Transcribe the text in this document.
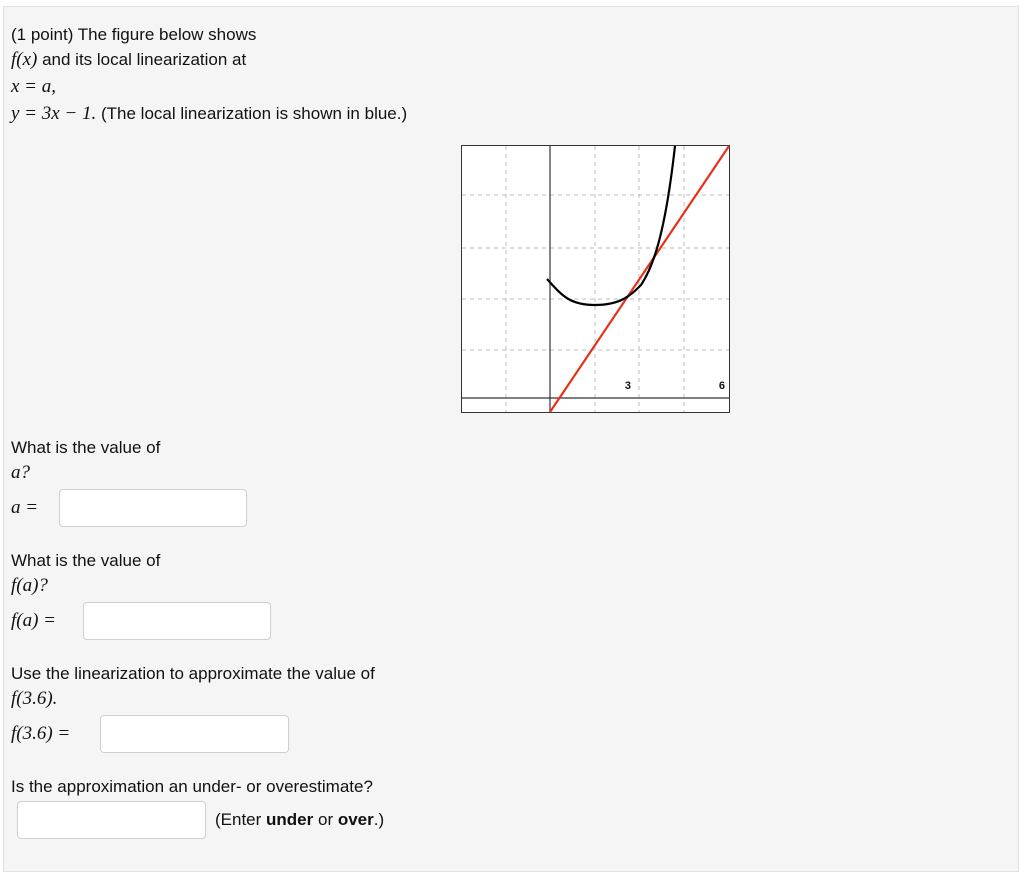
(1 point) The figure below shows
f(x) and its local linearization at
x = a,
y = 3x − 1. (The local linearization is shown in blue.)
3	6
What is the value of
a?
a =
What is the value of
f(a)?
f(a) =
Use the linearization to approximate the value of
f(3.6).
f(3.6) =
Is the approximation an under- or overestimate?
(Enter under or over.)
